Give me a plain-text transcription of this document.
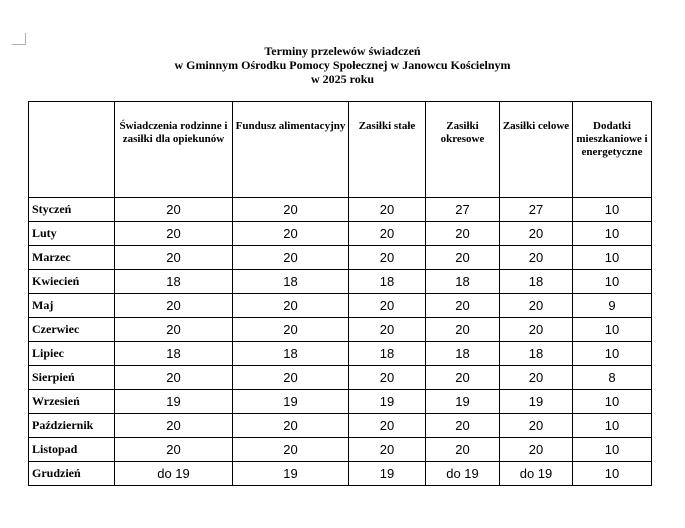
Terminy przelewów świadczeń
w Gminnym Ośrodku Pomocy Społecznej w Janowcu Kościelnym
w 2025 roku
	Świadczenia rodzinne i zasiłki dla opiekunów	Fundusz alimentacyjny	Zasiłki stałe	Zasiłki okresowe	Zasiłki celowe	Dodatki mieszkaniowe i energetyczne
Styczeń	20	20	20	27	27	10
Luty	20	20	20	20	20	10
Marzec	20	20	20	20	20	10
Kwiecień	18	18	18	18	18	10
Maj	20	20	20	20	20	9
Czerwiec	20	20	20	20	20	10
Lipiec	18	18	18	18	18	10
Sierpień	20	20	20	20	20	8
Wrzesień	19	19	19	19	19	10
Październik	20	20	20	20	20	10
Listopad	20	20	20	20	20	10
Grudzień	do 19	19	19	do 19	do 19	10
